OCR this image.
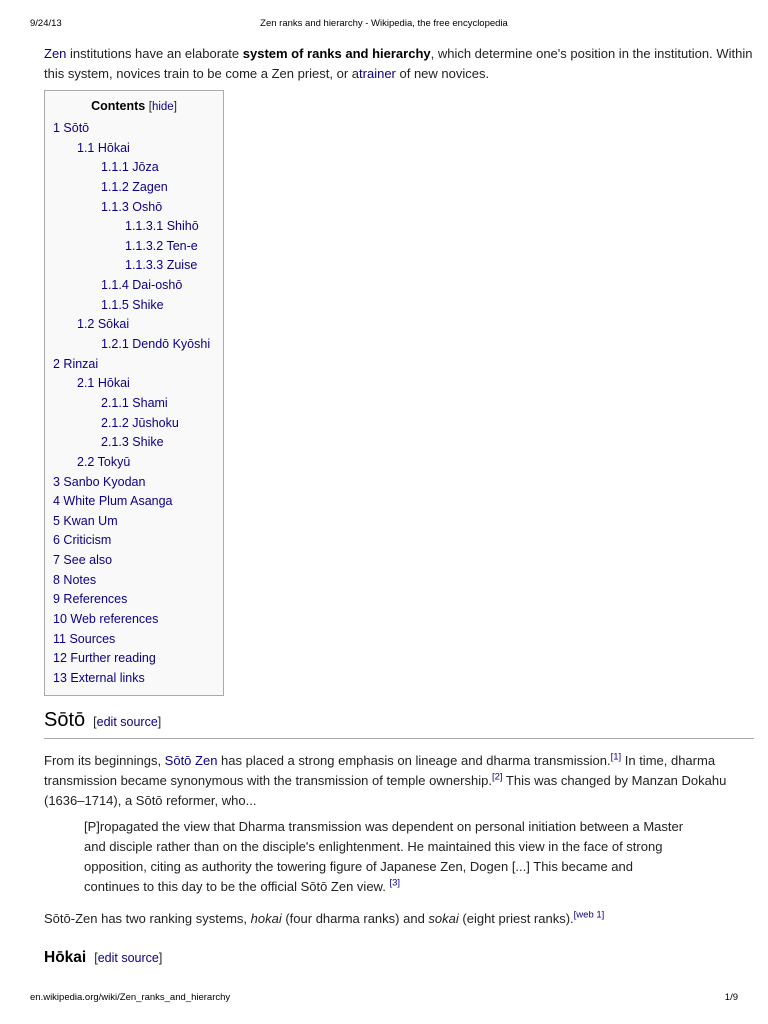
9/24/13	Zen ranks and hierarchy - Wikipedia, the free encyclopedia

Zen institutions have an elaborate system of ranks and hierarchy, which determine one's position in the institution. Within this system, novices train to be come a Zen priest, or atrainer of new novices.

Contents [hide]
1 Sōtō
1.1 Hōkai
1.1.1 Jōza
1.1.2 Zagen
1.1.3 Oshō
1.1.3.1 Shihō
1.1.3.2 Ten-e
1.1.3.3 Zuise
1.1.4 Dai-oshō
1.1.5 Shike
1.2 Sōkai
1.2.1 Dendō Kyōshi
2 Rinzai
2.1 Hōkai
2.1.1 Shami
2.1.2 Jūshoku
2.1.3 Shike
2.2 Tokyū
3 Sanbo Kyodan
4 White Plum Asanga
5 Kwan Um
6 Criticism
7 See also
8 Notes
9 References
10 Web references
11 Sources
12 Further reading
13 External links
Sōtō [edit source]

From its beginnings, Sōtō Zen has placed a strong emphasis on lineage and dharma transmission.[1] In time, dharma transmission became synonymous with the transmission of temple ownership.[2] This was changed by Manzan Dokahu (1636–1714), a Sōtō reformer, who...

[P]ropagated the view that Dharma transmission was dependent on personal initiation between a Master and disciple rather than on the disciple's enlightenment. He maintained this view in the face of strong opposition, citing as authority the towering figure of Japanese Zen, Dogen [...] This became and continues to this day to be the official Sōtō Zen view. [3]

Sōtō-Zen has two ranking systems, hokai (four dharma ranks) and sokai (eight priest ranks).[web 1]

Hōkai [edit source]
en.wikipedia.org/wiki/Zen_ranks_and_hierarchy	1/9
